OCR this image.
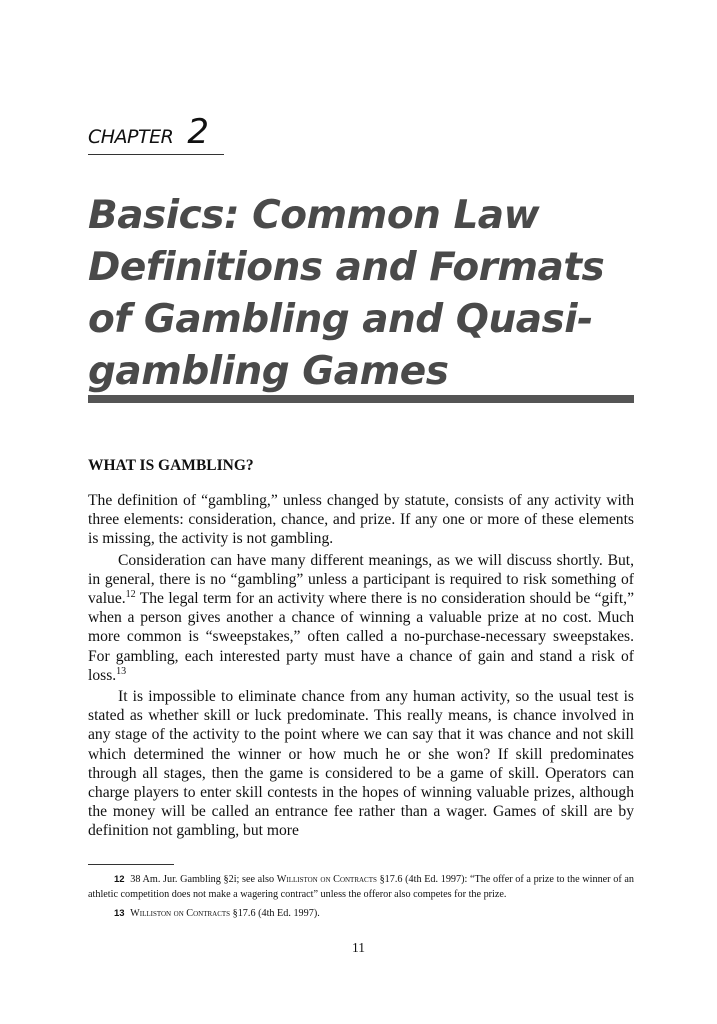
CHAPTER 2
Basics: Common Law
Definitions and Formats
of Gambling and Quasi-
gambling Games
WHAT IS GAMBLING?

The definition of “gambling,” unless changed by statute, consists of any activity with three elements: consideration, chance, and prize. If any one or more of these elements is missing, the activity is not gambling.

Consideration can have many different meanings, as we will discuss shortly. But, in general, there is no “gambling” unless a participant is required to risk something of value.$^{12}$ The legal term for an activity where there is no consideration should be “gift,” when a person gives another a chance of winning a valuable prize at no cost. Much more common is “sweepstakes,” often called a no-purchase-necessary sweepstakes. For gambling, each interested party must have a chance of gain and stand a risk of loss.$^{13}$

It is impossible to eliminate chance from any human activity, so the usual test is stated as whether skill or luck predominate. This really means, is chance involved in any stage of the activity to the point where we can say that it was chance and not skill which determined the winner or how much he or she won? If skill predominates through all stages, then the game is considered to be a game of skill. Operators can charge players to enter skill contests in the hopes of winning valuable prizes, although the money will be called an entrance fee rather than a wager. Games of skill are by definition not gambling, but more

12 38 Am. Jur. Gambling §2i; see also Williston on Contracts §17.6 (4th Ed. 1997): “The offer of a prize to the winner of an athletic competition does not make a wagering contract” unless the offeror also competes for the prize.

13 Williston on Contracts §17.6 (4th Ed. 1997).

11
